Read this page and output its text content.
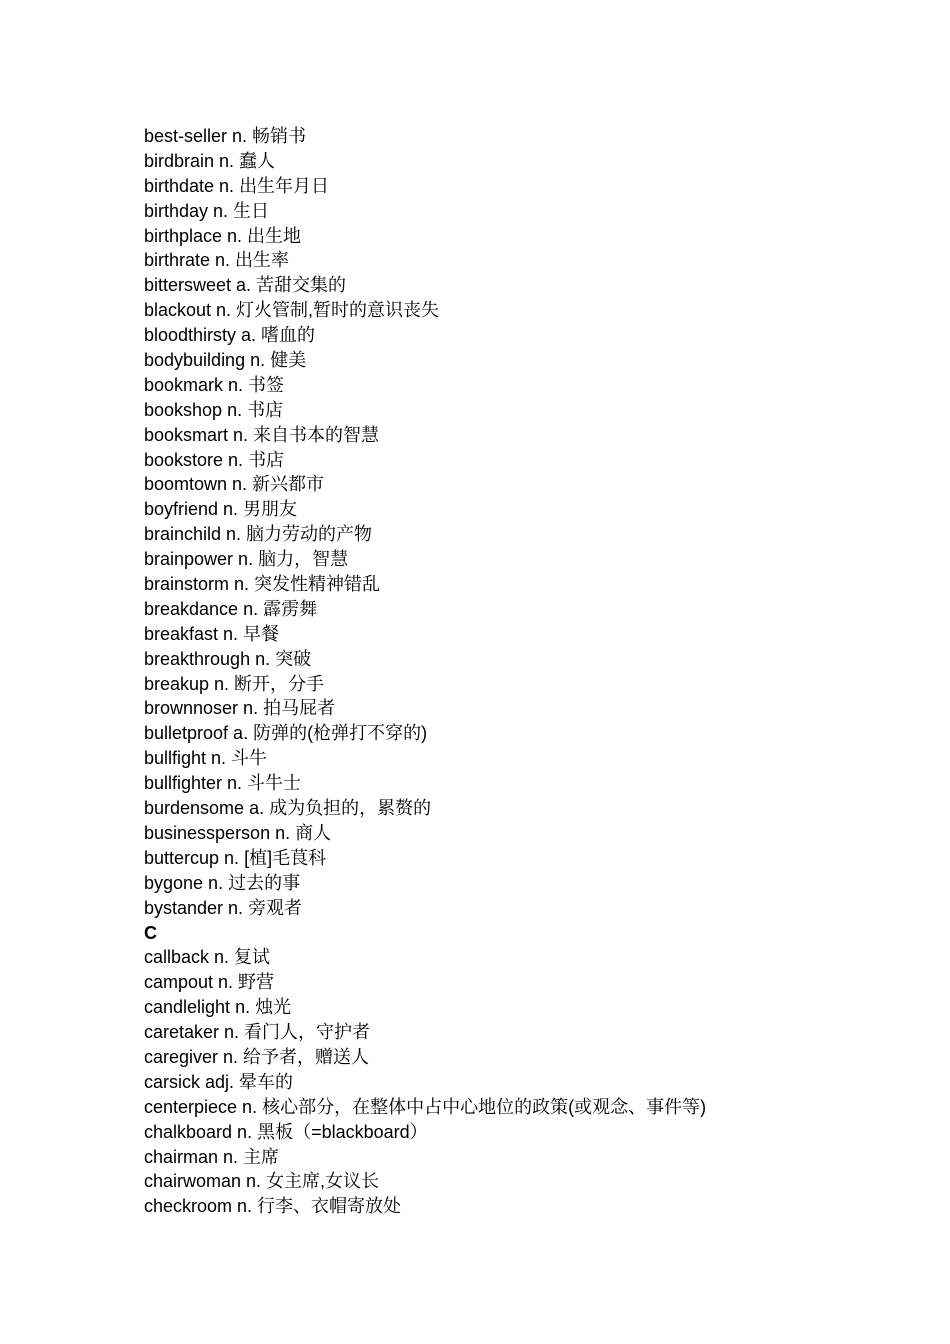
best-seller n. 畅销书
birdbrain n. 蠢人
birthdate n. 出生年月日
birthday n. 生日
birthplace n. 出生地
birthrate n. 出生率
bittersweet a. 苦甜交集的
blackout n. 灯火管制,暂时的意识丧失
bloodthirsty a. 嗜血的
bodybuilding n. 健美
bookmark n. 书签
bookshop n. 书店
booksmart n. 来自书本的智慧
bookstore n. 书店
boomtown n. 新兴都市
boyfriend n. 男朋友
brainchild n. 脑力劳动的产物
brainpower n. 脑力，智慧
brainstorm n. 突发性精神错乱
breakdance n. 霹雳舞
breakfast n. 早餐
breakthrough n. 突破
breakup n. 断开，分手
brownnoser n. 拍马屁者
bulletproof a. 防弹的(枪弹打不穿的)
bullfight n. 斗牛
bullfighter n. 斗牛士
burdensome a. 成为负担的，累赘的
businessperson n. 商人
buttercup n. [植]毛茛科
bygone n. 过去的事
bystander n. 旁观者
C
callback n. 复试
campout n. 野营
candlelight n. 烛光
caretaker n. 看门人，守护者
caregiver n. 给予者，赠送人
carsick adj. 晕车的
centerpiece n. 核心部分，在整体中占中心地位的政策(或观念、事件等)
chalkboard n. 黑板（=blackboard）
chairman n. 主席
chairwoman n. 女主席,女议长
checkroom n. 行李、衣帽寄放处
